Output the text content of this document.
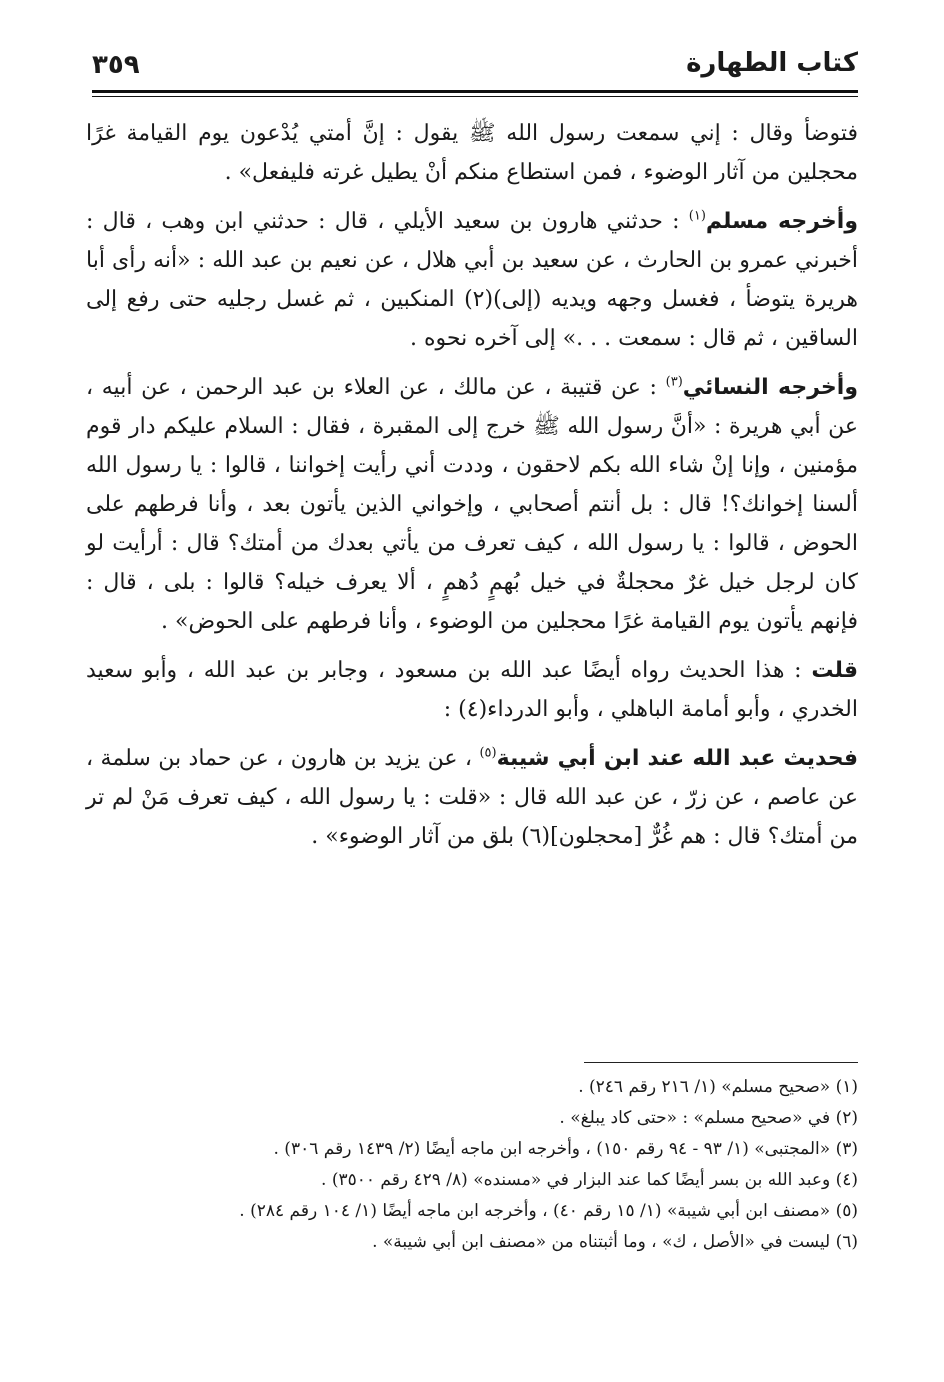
كتاب الطهارة
٣٥٩

فتوضأ وقال : إني سمعت رسول الله ﷺ يقول : إنَّ أمتي يُدْعون يوم القيامة غرًا محجلين من آثار الوضوء ، فمن استطاع منكم أنْ يطيل غرته فليفعل» .

وأخرجه مسلم$^{(١)}$ : حدثني هارون بن سعيد الأيلي ، قال : حدثني ابن وهب ، قال : أخبرني عمرو بن الحارث ، عن سعيد بن أبي هلال ، عن نعيم بن عبد الله : «أنه رأى أبا هريرة يتوضأ ، فغسل وجهه ويديه (إلى)(٢) المنكبين ، ثم غسل رجليه حتى رفع إلى الساقين ، ثم قال : سمعت . . .» إلى آخره نحوه .

وأخرجه النسائي$^{(٣)}$ : عن قتيبة ، عن مالك ، عن العلاء بن عبد الرحمن ، عن أبيه ، عن أبي هريرة : «أنَّ رسول الله ﷺ خرج إلى المقبرة ، فقال : السلام عليكم دار قوم مؤمنين ، وإنا إنْ شاء الله بكم لاحقون ، وددت أني رأيت إخواننا ، قالوا : يا رسول الله ألسنا إخوانك؟! قال : بل أنتم أصحابي ، وإخواني الذين يأتون بعد ، وأنا فرطهم على الحوض ، قالوا : يا رسول الله ، كيف تعرف من يأتي بعدك من أمتك؟ قال : أرأيت لو كان لرجل خيل غرٌ محجلةٌ في خيل بُهمٍ دُهمٍ ، ألا يعرف خيله؟ قالوا : بلى ، قال : فإنهم يأتون يوم القيامة غرًا محجلين من الوضوء ، وأنا فرطهم على الحوض» .

قلت : هذا الحديث رواه أيضًا عبد الله بن مسعود ، وجابر بن عبد الله ، وأبو سعيد الخدري ، وأبو أمامة الباهلي ، وأبو الدرداء(٤) :

فحديث عبد الله عند ابن أبي شيبة$^{(٥)}$ ، عن يزيد بن هارون ، عن حماد بن سلمة ، عن عاصم ، عن زرّ ، عن عبد الله قال : «قلت : يا رسول الله ، كيف تعرف مَنْ لم تر من أمتك؟ قال : هم غُرٌّ [محجلون](٦) بلق من آثار الوضوء» .

(١) «صحيح مسلم» (١/ ٢١٦ رقم ٢٤٦) .

(٢) في «صحيح مسلم» : «حتى كاد يبلغ» .

(٣) «المجتبى» (١/ ٩٣ - ٩٤ رقم ١٥٠) ، وأخرجه ابن ماجه أيضًا (٢/ ١٤٣٩ رقم ٣٠٦) .

(٤) وعبد الله بن بسر أيضًا كما عند البزار في «مسنده» (٨/ ٤٢٩ رقم ٣٥٠٠) .

(٥) «مصنف ابن أبي شيبة» (١/ ١٥ رقم ٤٠) ، وأخرجه ابن ماجه أيضًا (١/ ١٠٤ رقم ٢٨٤) .

(٦) ليست في «الأصل ، ك» ، وما أثبتناه من «مصنف ابن أبي شيبة» .
